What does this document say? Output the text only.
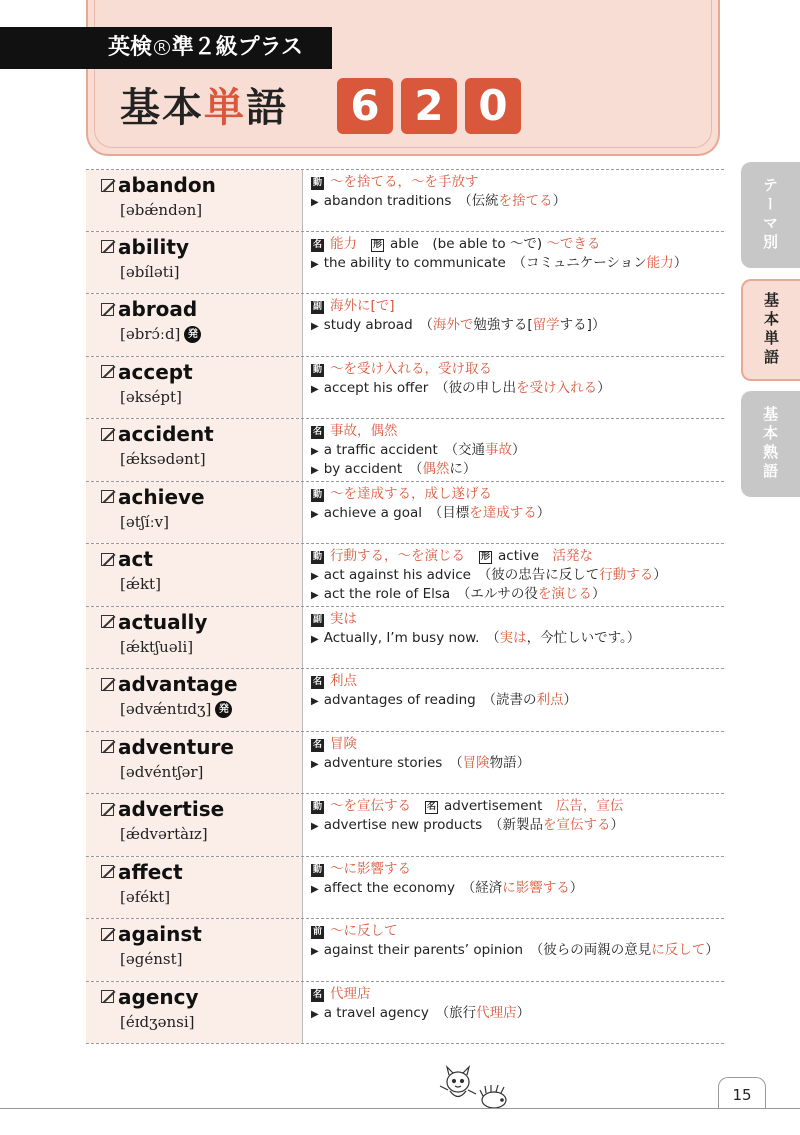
英検 R 準２級プラス
基本単語	6 2 0
テーマ別
基本単語
基本熟語
abandon
[əbǽndən]
動 ～を捨てる，～を手放す
▶ abandon traditions　（伝統を捨てる）
ability
[əbíləti]
名 能力 形 able　(be able to ～で) ～できる
▶ the ability to communicate　（コミュニケーション能力）
abroad
[əbrɔ́ːd] 発
副 海外に[で]
▶ study abroad　（海外で勉強する[留学する]）
accept
[əksépt]
動 ～を受け入れる，受け取る
▶ accept his offer　（彼の申し出を受け入れる）
accident
[ǽksədənt]
名 事故，偶然
▶ a traffic accident　（交通事故）
▶ by accident　（偶然に）
achieve
[ətʃíːv]
動 ～を達成する，成し遂げる
▶ achieve a goal　（目標を達成する）
act
[ǽkt]
動 行動する，～を演じる 形 active　活発な
▶ act against his advice　（彼の忠告に反して行動する）
▶ act the role of Elsa　（エルサの役を演じる）
actually
[ǽktʃuəli]
副 実は
▶ Actually, I’m busy now.　（実は，今忙しいです。）
advantage
[ədvǽntɪdʒ] 発
名 利点
▶ advantages of reading　（読書の利点）
adventure
[ədvéntʃər]
名 冒険
▶ adventure stories　（冒険物語）
advertise
[ǽdvərtàɪz]
動 ～を宣伝する 名 advertisement　広告，宣伝
▶ advertise new products　（新製品を宣伝する）
affect
[əfékt]
動 ～に影響する
▶ affect the economy　（経済に影響する）
against
[əgénst]
前 ～に反して
▶ against their parents’ opinion　（彼らの両親の意見に反して）
agency
[éɪdʒənsi]
名 代理店
▶ a travel agency　（旅行代理店）
15
